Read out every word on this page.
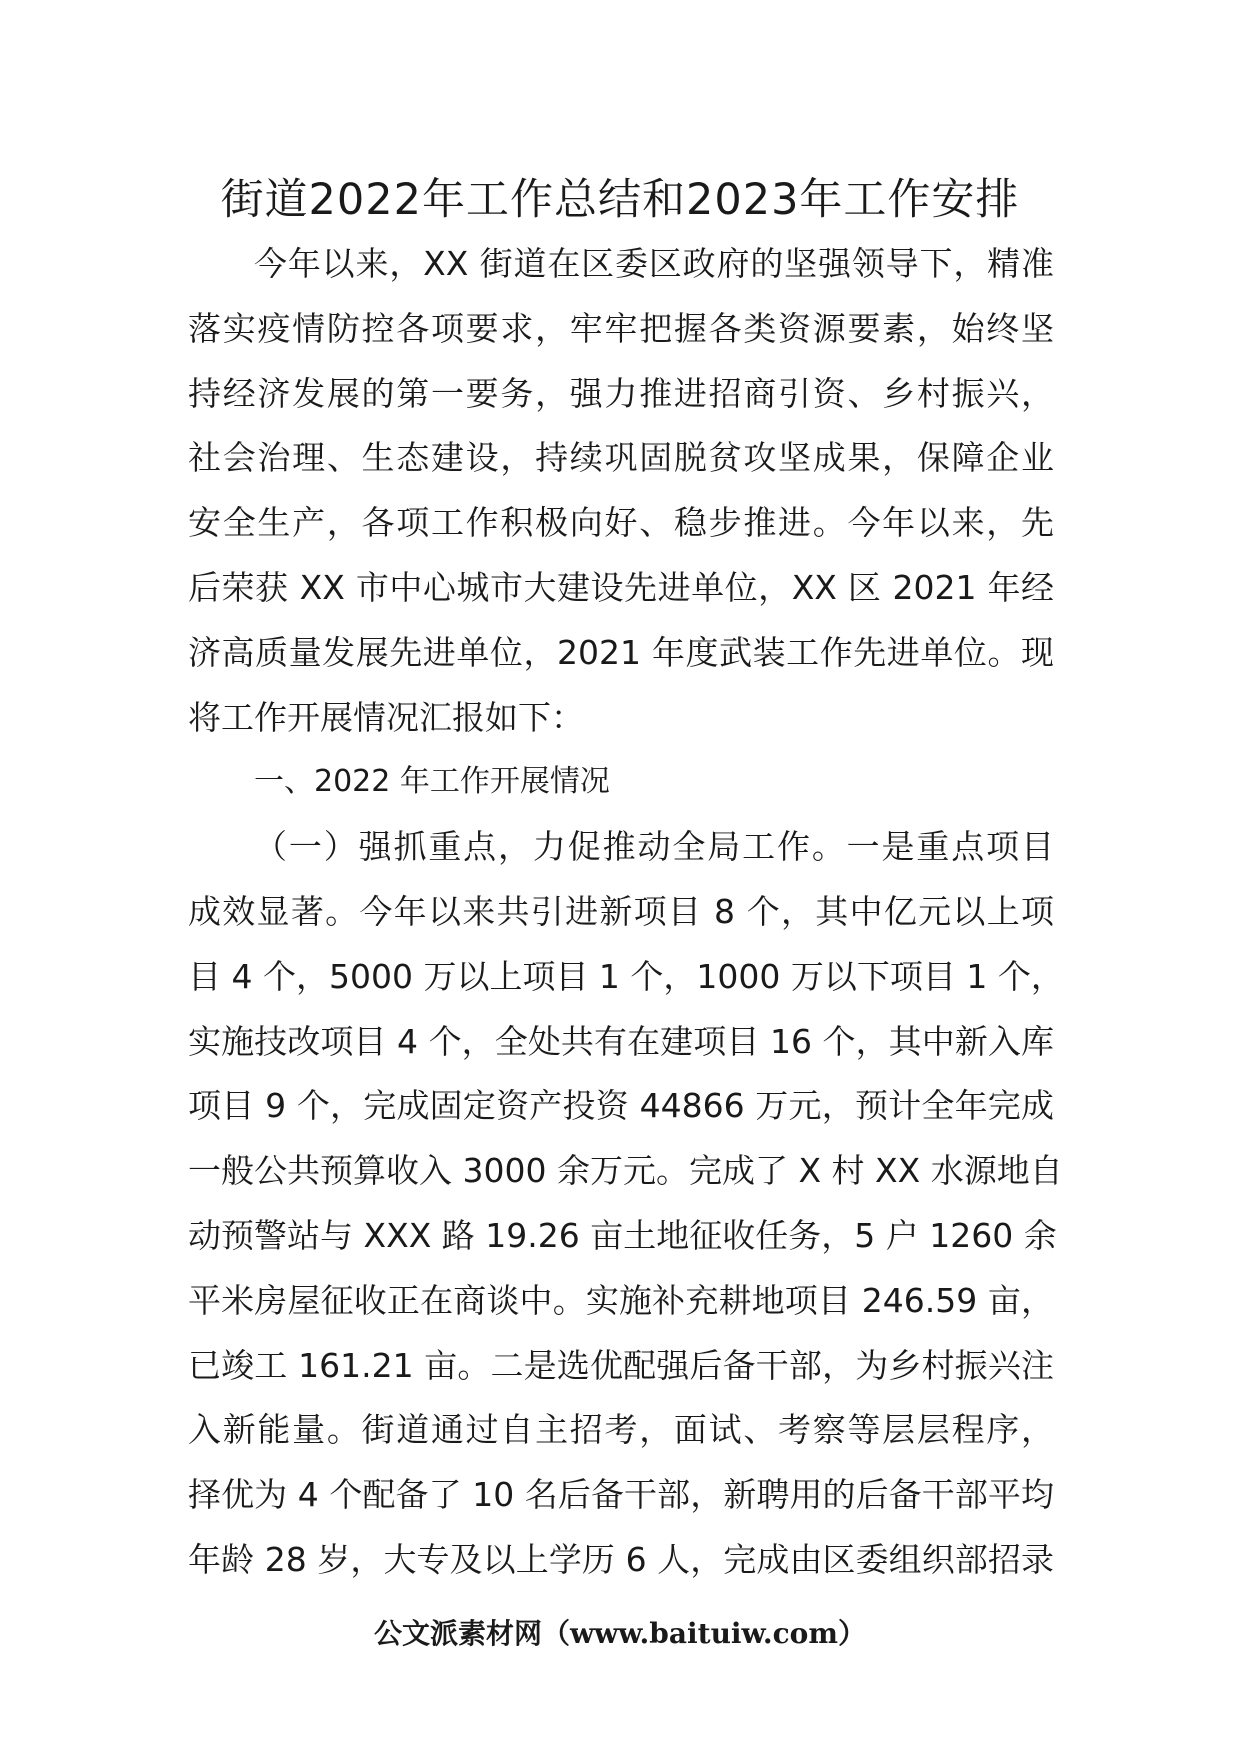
街道2022年工作总结和2023年工作安排
今年以来，XX 街道在区委区政府的坚强领导下，精准
落实疫情防控各项要求，牢牢把握各类资源要素，始终坚
持经济发展的第一要务，强力推进招商引资、乡村振兴，
社会治理、生态建设，持续巩固脱贫攻坚成果，保障企业
安全生产，各项工作积极向好、稳步推进。今年以来，先
后荣获 XX 市中心城市大建设先进单位，XX 区 2021 年经
济高质量发展先进单位，2021 年度武装工作先进单位。现
将工作开展情况汇报如下：
一、2022 年工作开展情况
（一）强抓重点，力促推动全局工作。一是重点项目
成效显著。今年以来共引进新项目 8 个，其中亿元以上项
目 4 个，5000 万以上项目 1 个，1000 万以下项目 1 个，
实施技改项目 4 个，全处共有在建项目 16 个，其中新入库
项目 9 个，完成固定资产投资 44866 万元，预计全年完成
一般公共预算收入 3000 余万元。完成了 X 村 XX 水源地自
动预警站与 XXX 路 19.26 亩土地征收任务，5 户 1260 余
平米房屋征收正在商谈中。实施补充耕地项目 246.59 亩，
已竣工 161.21 亩。二是选优配强后备干部，为乡村振兴注
入新能量。街道通过自主招考，面试、考察等层层程序，
择优为 4 个配备了 10 名后备干部，新聘用的后备干部平均
年龄 28 岁，大专及以上学历 6 人，完成由区委组织部招录
公文派素材网（www.baituiw.com）
